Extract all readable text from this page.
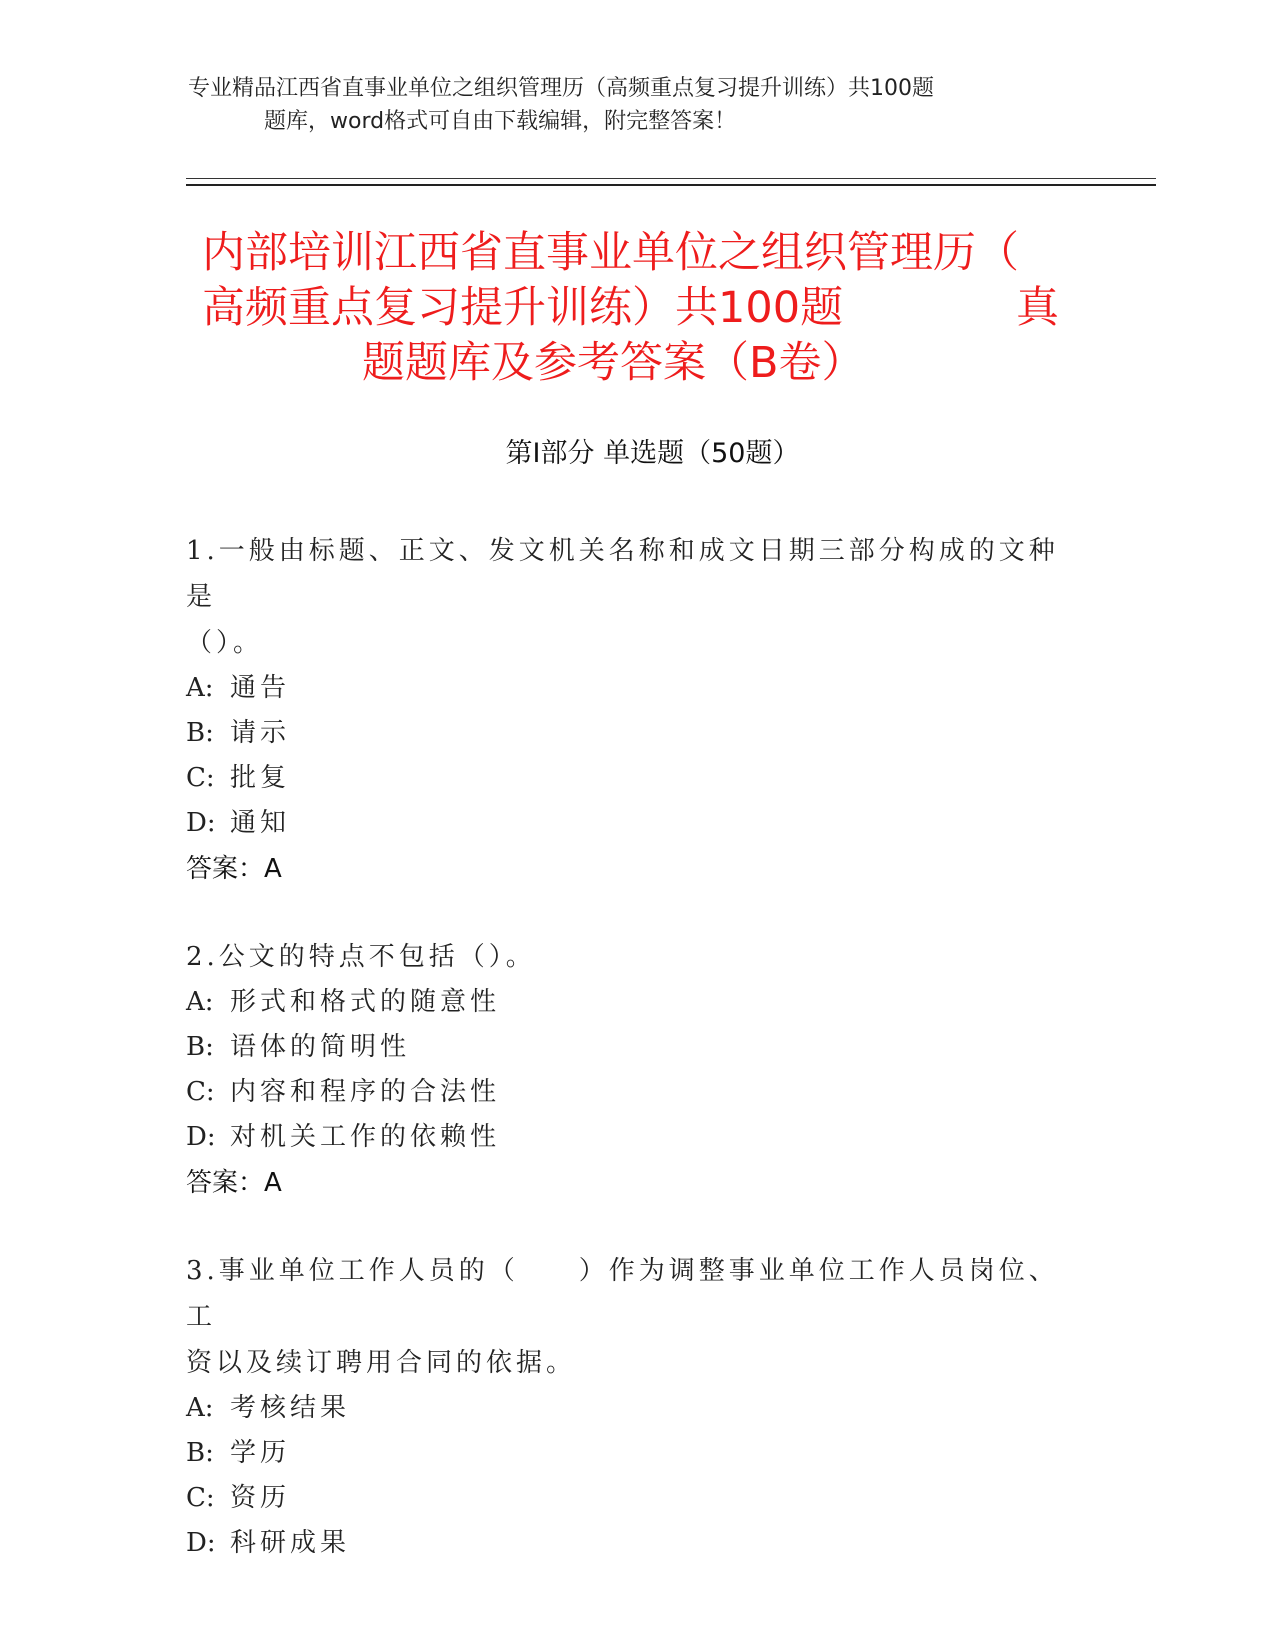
专业精品江西省直事业单位之组织管理历（高频重点复习提升训练）共100题
题库，word格式可自由下载编辑，附完整答案！
内部培训江西省直事业单位之组织管理历（
高频重点复习提升训练）共100题	真
题题库及参考答案（B卷）
第Ⅰ部分 单选题（50题）

1.一般由标题、正文、发文机关名称和成文日期三部分构成的文种是

（）。

A: 通告

B: 请示

C: 批复

D: 通知

答案：A

2.公文的特点不包括（）。

A: 形式和格式的随意性

B: 语体的简明性

C: 内容和程序的合法性

D: 对机关工作的依赖性

答案：A

3.事业单位工作人员的（　　）作为调整事业单位工作人员岗位、工

资以及续订聘用合同的依据。

A: 考核结果

B: 学历

C: 资历

D: 科研成果
